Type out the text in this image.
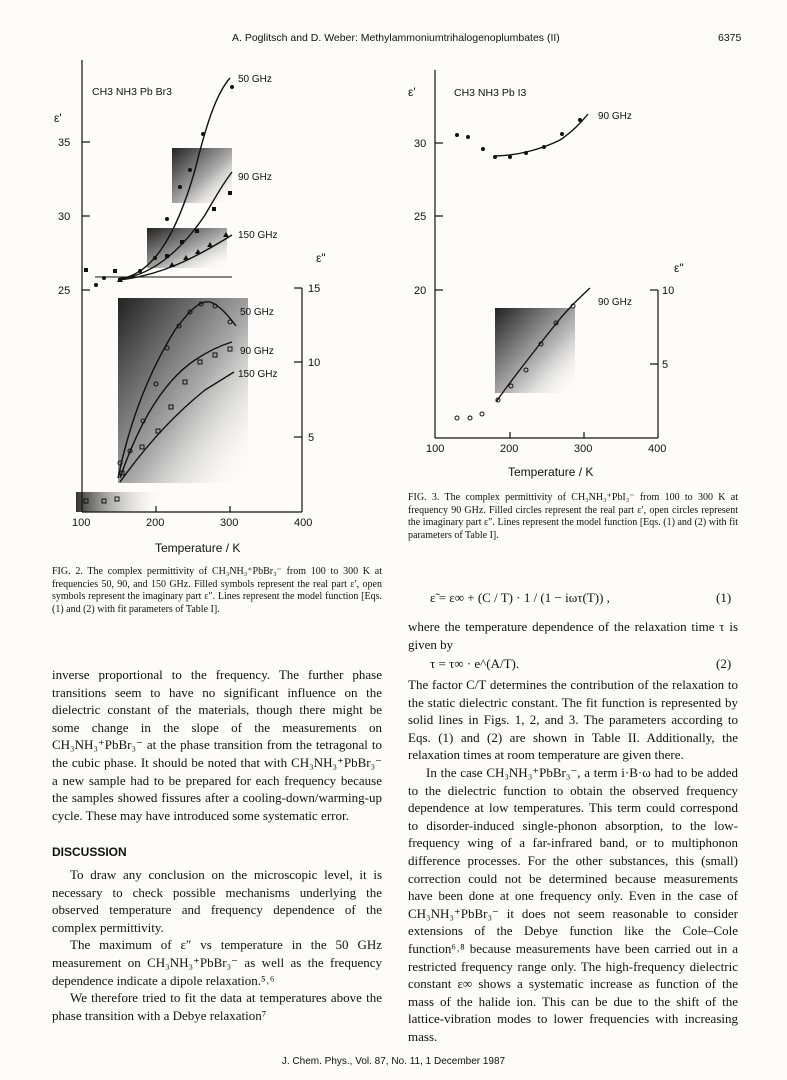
A. Poglitsch and D. Weber: Methylammoniumtrihalogenoplumbates (II)	6375
CH3 NH3 Pb Br3
ε'
ε"
35
30
25	15
10
5
100	200	300	400
Temperature / K
50 GHz
90 GHz
150 GHz
50 GHz
90 GHz
150 GHz
CH3 NH3 Pb I3
ε'
ε"
30
25
20	10
5
100	200	300	400
Temperature / K
90 GHz
90 GHz
FIG. 2. The complex permittivity of CH₃NH₃⁺PbBr₃⁻ from 100 to 300 K at frequencies 50, 90, and 150 GHz. Filled symbols represent the real part ε′, open symbols represent the imaginary part ε″. Lines represent the model function [Eqs. (1) and (2) with fit parameters of Table I].
FIG. 3. The complex permittivity of CH₃NH₃⁺PbI₃⁻ from 100 to 300 K at frequency 90 GHz. Filled circles represent the real part ε′, open circles represent the imaginary part ε″. Lines represent the model function [Eqs. (1) and (2) with fit parameters of Table I].

inverse proportional to the frequency. The further phase transitions seem to have no significant influence on the dielectric constant of the materials, though there might be some change in the slope of the measurements on CH₃NH₃⁺PbBr₃⁻ at the phase transition from the tetragonal to the cubic phase. It should be noted that with CH₃NH₃⁺PbBr₃⁻ a new sample had to be prepared for each frequency because the samples showed fissures after a cooling-down/warming-up cycle. These may have introduced some systematic error.

DISCUSSION

To draw any conclusion on the microscopic level, it is necessary to check possible mechanisms underlying the observed temperature and frequency dependence of the complex permittivity.

The maximum of ε″ vs temperature in the 50 GHz measurement on CH₃NH₃⁺PbBr₃⁻ as well as the frequency dependence indicate a dipole relaxation.⁵˒⁶

We therefore tried to fit the data at temperatures above the phase transition with a Debye relaxation⁷

ε̃ = ε∞ + (C / T) · 1 / (1 − iωτ(T)) ,	(1)

where the temperature dependence of the relaxation time τ is given by

τ = τ∞ · e^(A/T).	(2)

The factor C/T determines the contribution of the relaxation to the static dielectric constant. The fit function is represented by solid lines in Figs. 1, 2, and 3. The parameters according to Eqs. (1) and (2) are shown in Table II. Additionally, the relaxation times at room temperature are given there.

In the case CH₃NH₃⁺PbBr₃⁻, a term i·B·ω had to be added to the dielectric function to obtain the observed frequency dependence at low temperatures. This term could correspond to disorder-induced single-phonon absorption, to the low-frequency wing of a far-infrared band, or to multiphonon difference processes. For the other substances, this (small) correction could not be determined because measurements have been done at one frequency only. Even in the case of CH₃NH₃⁺PbBr₃⁻ it does not seem reasonable to consider extensions of the Debye function like the Cole–Cole function⁶˒⁸ because measurements have been carried out in a restricted frequency range only. The high-frequency dielectric constant ε∞ shows a systematic increase as function of the mass of the halide ion. This can be due to the shift of the lattice-vibration modes to lower frequencies with increasing mass.

J. Chem. Phys., Vol. 87, No. 11, 1 December 1987
